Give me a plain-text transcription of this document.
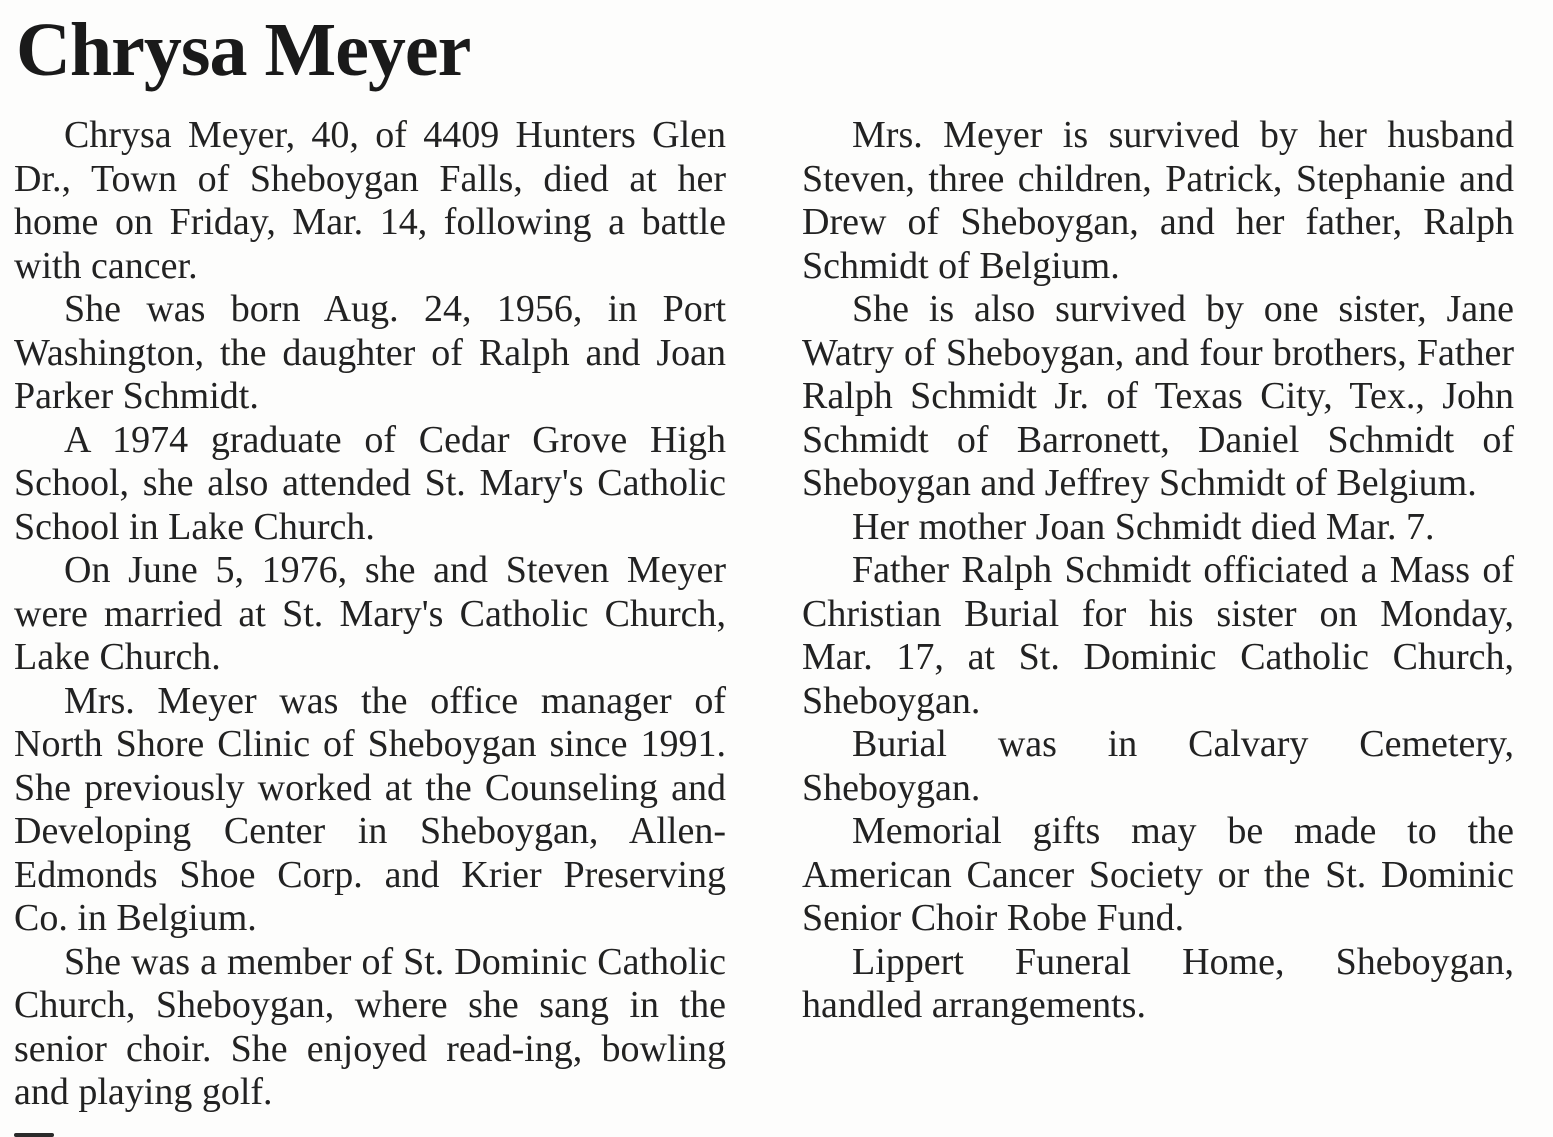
Chrysa Meyer

Chrysa Meyer, 40, of 4409 Hunters Glen Dr., Town of Sheboygan Falls, died at her home on Friday, Mar. 14, following a battle with cancer.

She was born Aug. 24, 1956, in Port Washington, the daughter of Ralph and Joan Parker Schmidt.

A 1974 graduate of Cedar Grove High School, she also attended St. Mary's Catholic School in Lake Church.

On June 5, 1976, she and Steven Meyer were married at St. Mary's Catholic Church, Lake Church.

Mrs. Meyer was the office manager of North Shore Clinic of Sheboygan since 1991. She previously worked at the Counseling and Developing Center in Sheboygan, Allen-Edmonds Shoe Corp. and Krier Preserving Co. in Belgium.

She was a member of St. Dominic Catholic Church, Sheboygan, where she sang in the senior choir. She enjoyed read-ing, bowling and playing golf.

Mrs. Meyer is survived by her husband Steven, three children, Patrick, Stephanie and Drew of Sheboygan, and her father, Ralph Schmidt of Belgium.

She is also survived by one sister, Jane Watry of Sheboygan, and four brothers, Father Ralph Schmidt Jr. of Texas City, Tex., John Schmidt of Barronett, Daniel Schmidt of Sheboygan and Jeffrey Schmidt of Belgium.

Her mother Joan Schmidt died Mar. 7.

Father Ralph Schmidt officiated a Mass of Christian Burial for his sister on Monday, Mar. 17, at St. Dominic Catholic Church, Sheboygan.

Burial was in Calvary Cemetery, Sheboygan.

Memorial gifts may be made to the American Cancer Society or the St. Dominic Senior Choir Robe Fund.

Lippert Funeral Home, Sheboygan, handled arrangements.
